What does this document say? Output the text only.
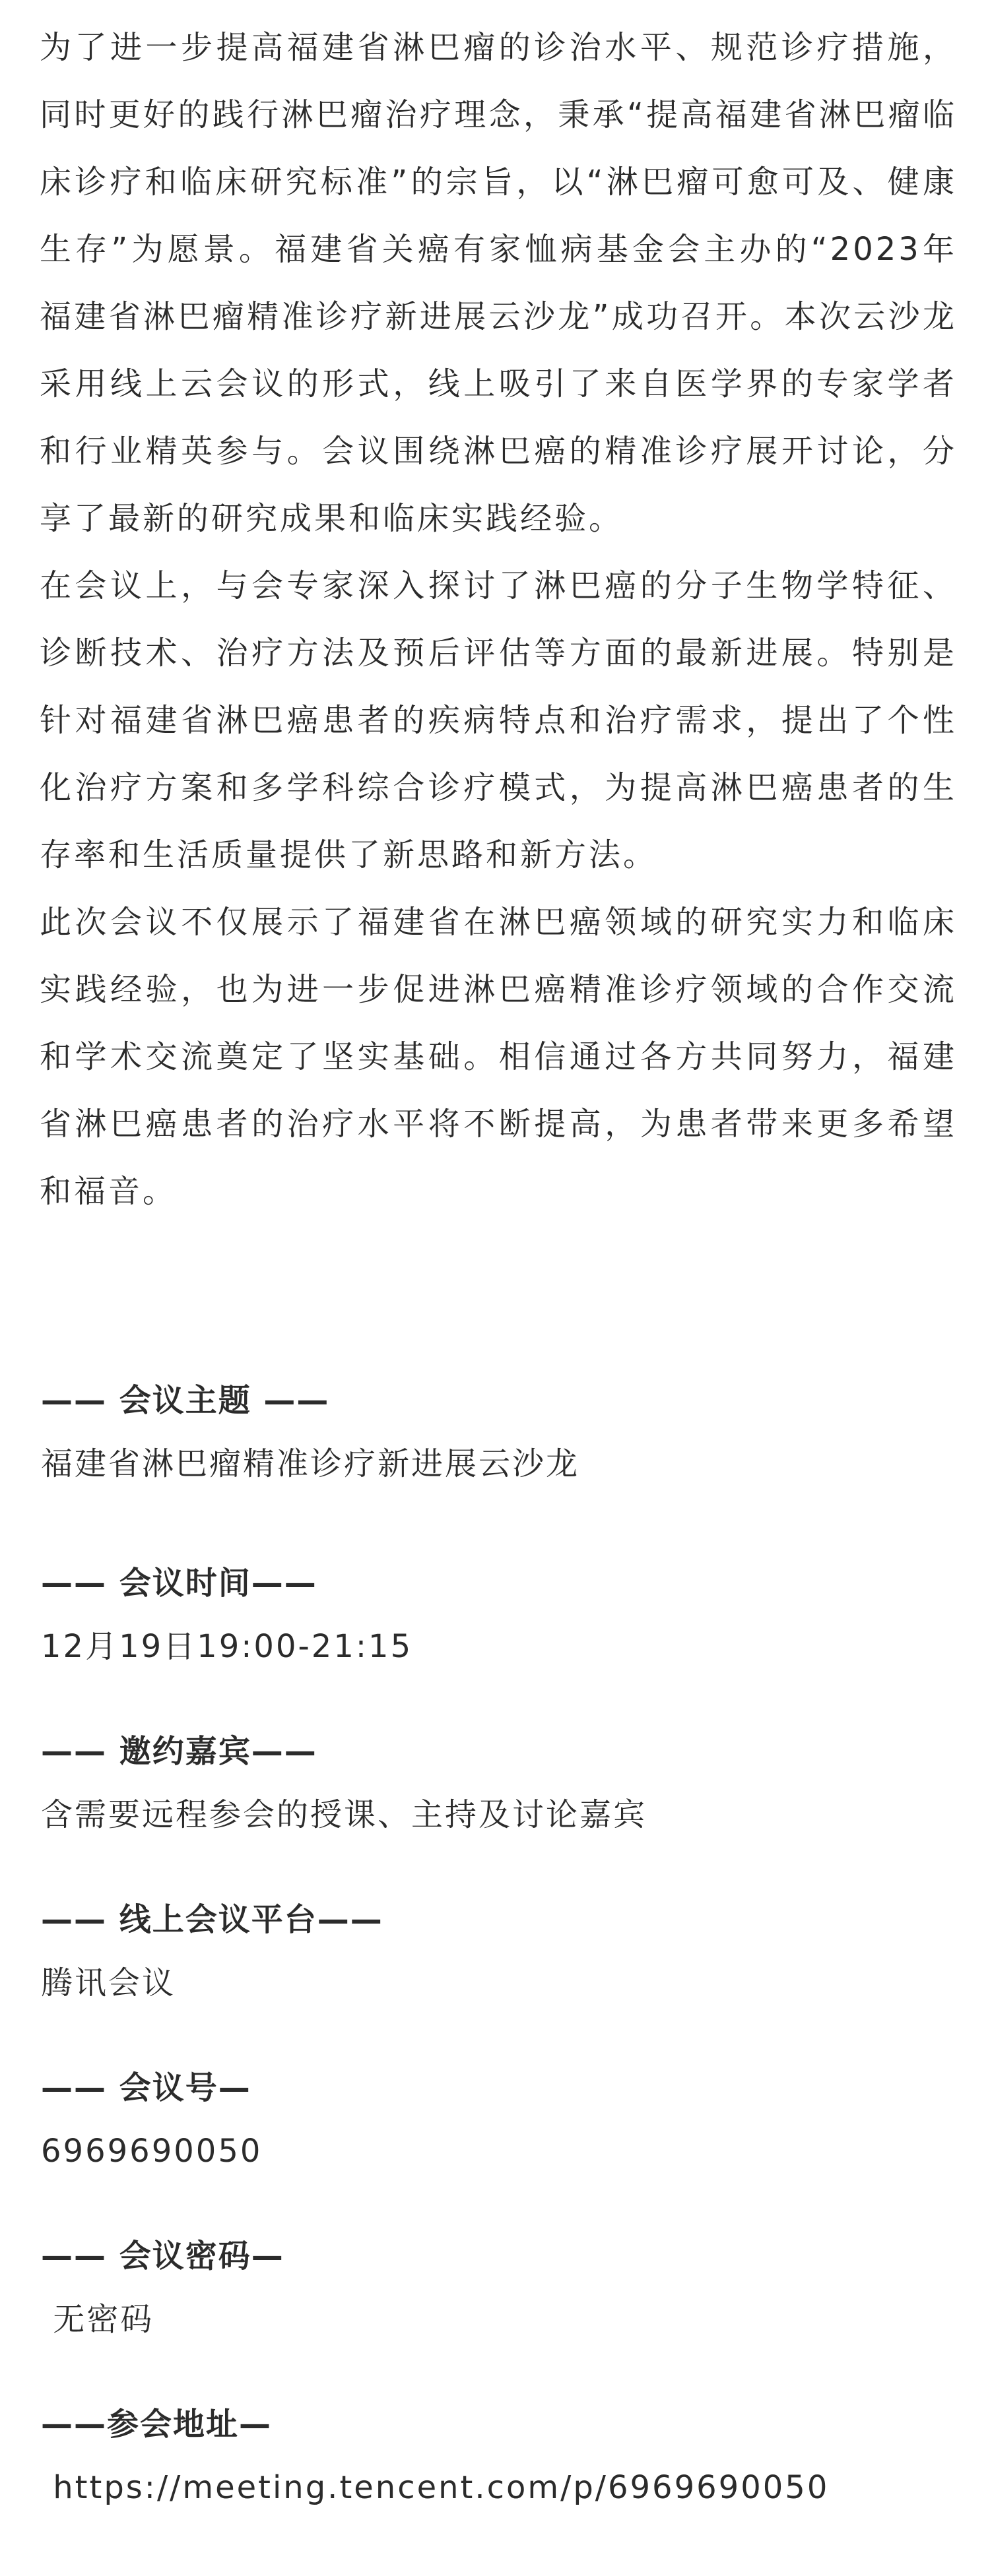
为了进一步提高福建省淋巴瘤的诊治水平、规范诊疗措施，同时更好的践行淋巴瘤治疗理念，秉承“提高福建省淋巴瘤临床诊疗和临床研究标准”的宗旨，以“淋巴瘤可愈可及、健康生存”为愿景。福建省关癌有家恤病基金会主办的“2023年福建省淋巴瘤精准诊疗新进展云沙龙”成功召开。本次云沙龙采用线上云会议的形式，线上吸引了来自医学界的专家学者和行业精英参与。会议围绕淋巴癌的精准诊疗展开讨论，分享了最新的研究成果和临床实践经验。

在会议上，与会专家深入探讨了淋巴癌的分子生物学特征、诊断技术、治疗方法及预后评估等方面的最新进展。特别是针对福建省淋巴癌患者的疾病特点和治疗需求，提出了个性化治疗方案和多学科综合诊疗模式，为提高淋巴癌患者的生存率和生活质量提供了新思路和新方法。

此次会议不仅展示了福建省在淋巴癌领域的研究实力和临床实践经验，也为进一步促进淋巴癌精准诊疗领域的合作交流和学术交流奠定了坚实基础。相信通过各方共同努力，福建省淋巴癌患者的治疗水平将不断提高，为患者带来更多希望和福音。

—— 会议主题 ——

福建省淋巴瘤精准诊疗新进展云沙龙

—— 会议时间——

12月19日19:00-21:15

—— 邀约嘉宾——

含需要远程参会的授课、主持及讨论嘉宾

—— 线上会议平台——

腾讯会议

—— 会议号—

6969690050

—— 会议密码—

无密码

——参会地址—

https://meeting.tencent.com/p/6969690050
